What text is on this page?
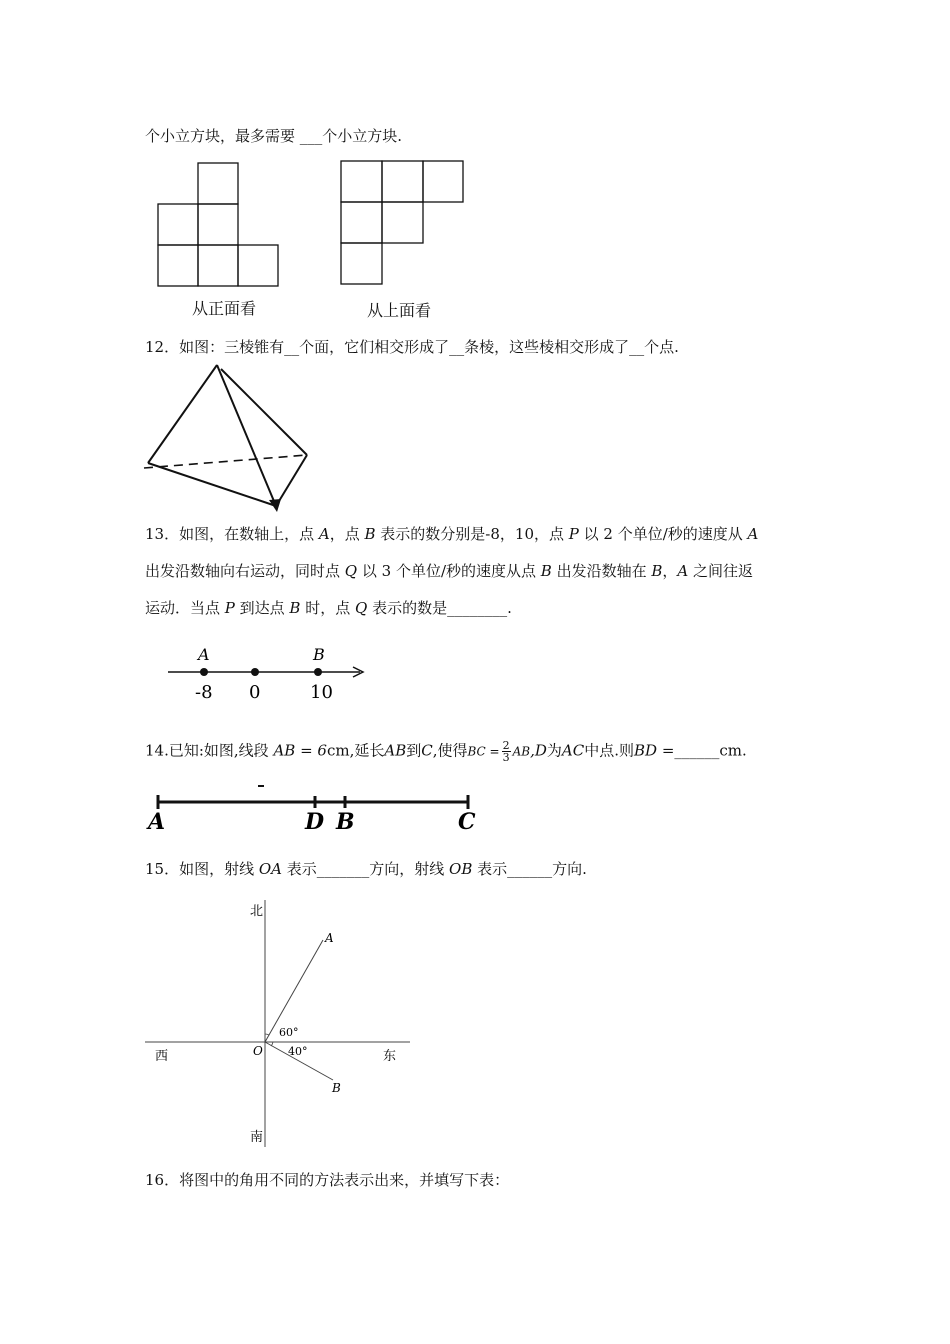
个小立方块，最多需要 ___个小立方块.
从正面看	从上面看
12．如图：三棱锥有__个面，它们相交形成了__条棱，这些棱相交形成了__个点.
13．如图，在数轴上，点 A，点 B 表示的数分别是-8，10，点 P 以 2 个单位/秒的速度从 A
出发沿数轴向右运动，同时点 Q 以 3 个单位/秒的速度从点 B 出发沿数轴在 B，A 之间往返
运动．当点 P 到达点 B 时，点 Q 表示的数是________.
A	B
-8 0	10
14.已知:如图,线段 AB = 6cm,延长AB到C,使得BC = $\frac{2}{3} AB,D$为AC中点.则BD =______cm.
A	D B	C
15．如图，射线 OA 表示_______方向，射线 OB 表示______方向.
北
南
西	东
O
A
B
60°
40°
16．将图中的角用不同的方法表示出来，并填写下表：
